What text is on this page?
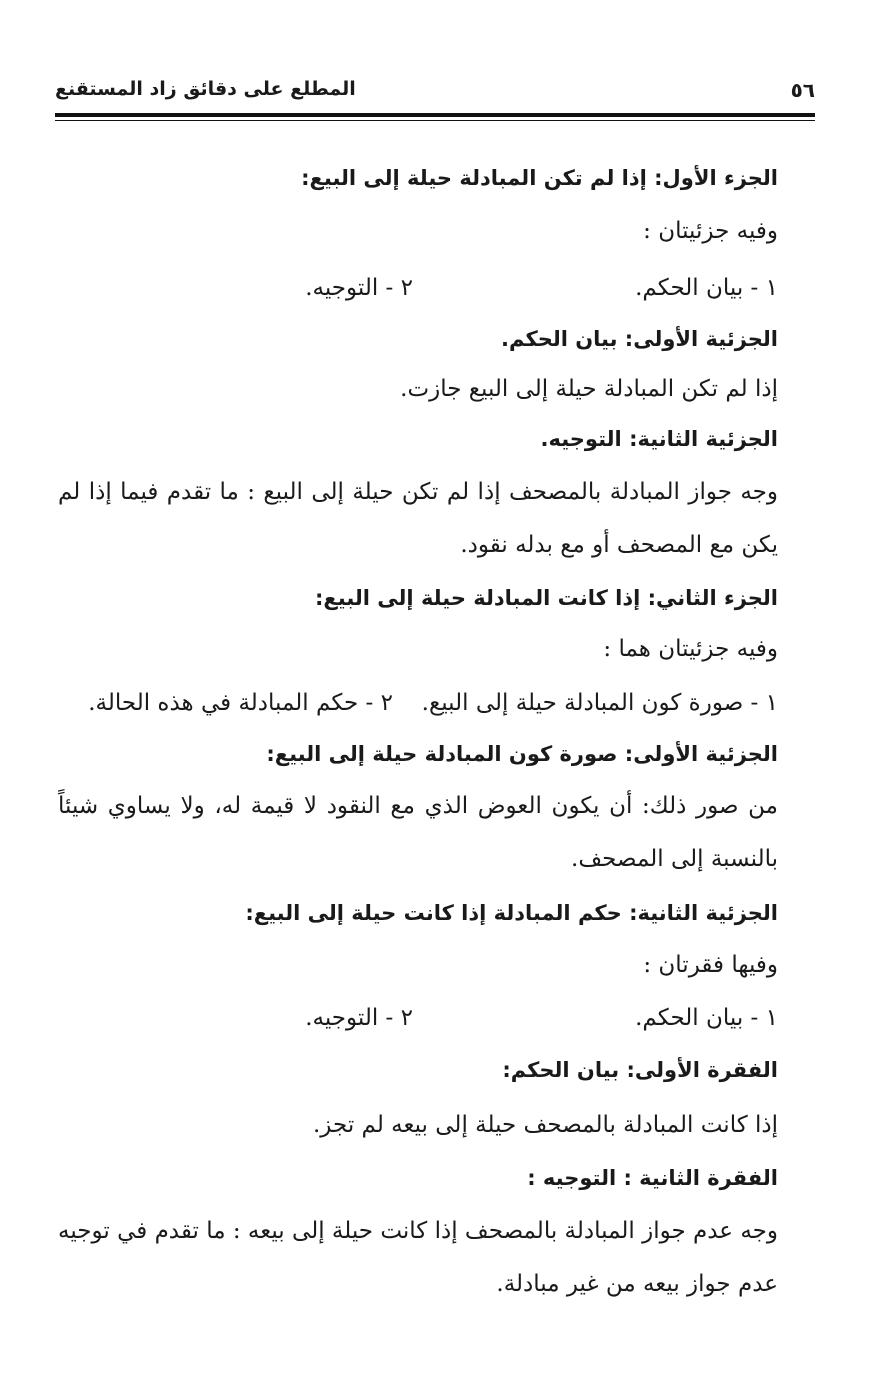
٥٦
المطلع على دقائق زاد المستقنع
الجزء الأول: إذا لم تكن المبادلة حيلة إلى البيع:
وفيه جزئيتان :
١ - بيان الحكم.
٢ - التوجيه.
الجزئية الأولى: بيان الحكم.
إذا لم تكن المبادلة حيلة إلى البيع جازت.
الجزئية الثانية: التوجيه.
وجه جواز المبادلة بالمصحف إذا لم تكن حيلة إلى البيع : ما تقدم فيما إذا لم يكن مع المصحف أو مع بدله نقود.
الجزء الثاني: إذا كانت المبادلة حيلة إلى البيع:
وفيه جزئيتان هما :
١ - صورة كون المبادلة حيلة إلى البيع.
٢ - حكم المبادلة في هذه الحالة.
الجزئية الأولى: صورة كون المبادلة حيلة إلى البيع:
من صور ذلك: أن يكون العوض الذي مع النقود لا قيمة له، ولا يساوي شيئاً بالنسبة إلى المصحف.
الجزئية الثانية: حكم المبادلة إذا كانت حيلة إلى البيع:
وفيها فقرتان :
١ - بيان الحكم.
٢ - التوجيه.
الفقرة الأولى: بيان الحكم:
إذا كانت المبادلة بالمصحف حيلة إلى بيعه لم تجز.
الفقرة الثانية : التوجيه :
وجه عدم جواز المبادلة بالمصحف إذا كانت حيلة إلى بيعه : ما تقدم في توجيه عدم جواز بيعه من غير مبادلة.
